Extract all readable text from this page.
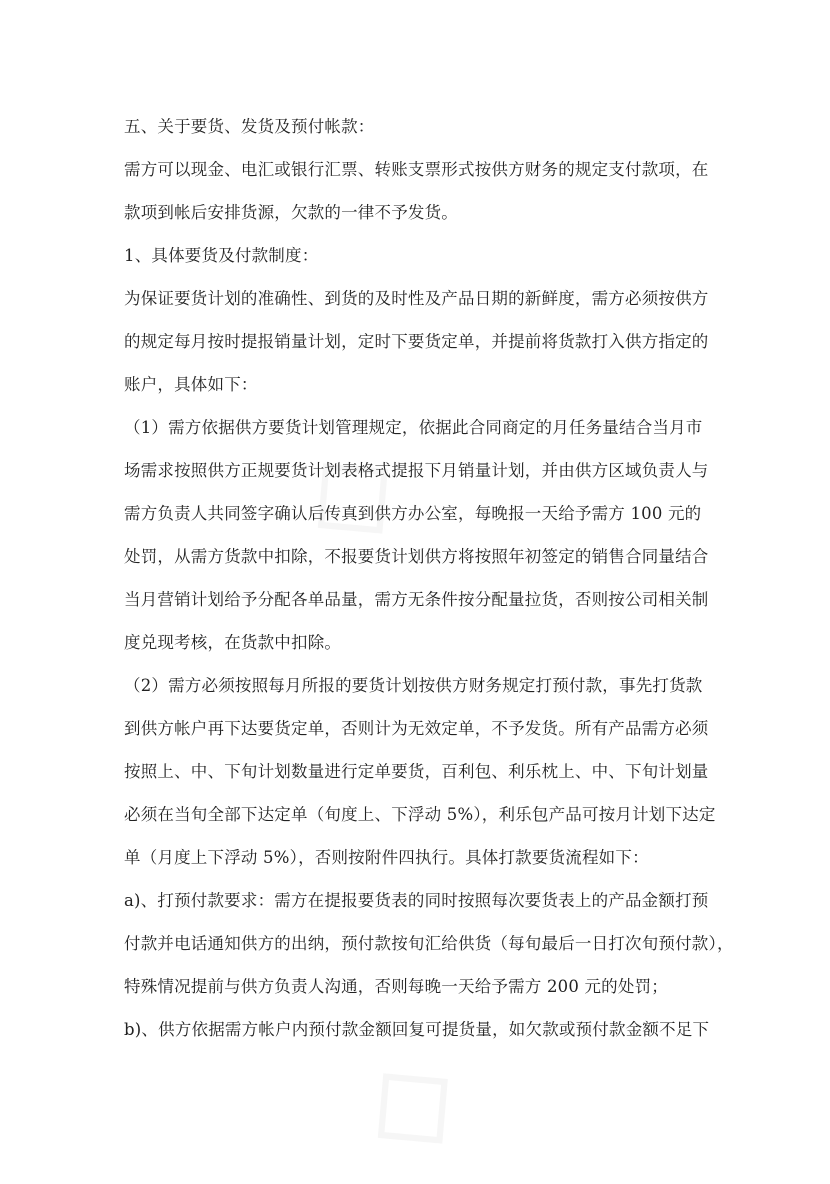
五、关于要货、发货及预付帐款：
需方可以现金、电汇或银行汇票、转账支票形式按供方财务的规定支付款项，在
款项到帐后安排货源，欠款的一律不予发货。
1、具体要货及付款制度：
为保证要货计划的准确性、到货的及时性及产品日期的新鲜度，需方必须按供方
的规定每月按时提报销量计划，定时下要货定单，并提前将货款打入供方指定的
账户，具体如下：
（1）需方依据供方要货计划管理规定，依据此合同商定的月任务量结合当月市
场需求按照供方正规要货计划表格式提报下月销量计划，并由供方区域负责人与
需方负责人共同签字确认后传真到供方办公室，每晚报一天给予需方 100 元的
处罚，从需方货款中扣除，不报要货计划供方将按照年初签定的销售合同量结合
当月营销计划给予分配各单品量，需方无条件按分配量拉货，否则按公司相关制
度兑现考核，在货款中扣除。
（2）需方必须按照每月所报的要货计划按供方财务规定打预付款，事先打货款
到供方帐户再下达要货定单，否则计为无效定单，不予发货。所有产品需方必须
按照上、中、下旬计划数量进行定单要货，百利包、利乐枕上、中、下旬计划量
必须在当旬全部下达定单（旬度上、下浮动 5%），利乐包产品可按月计划下达定
单（月度上下浮动 5%），否则按附件四执行。具体打款要货流程如下：
a)、打预付款要求：需方在提报要货表的同时按照每次要货表上的产品金额打预
付款并电话通知供方的出纳，预付款按旬汇给供货（每旬最后一日打次旬预付款），
特殊情况提前与供方负责人沟通，否则每晚一天给予需方 200 元的处罚；
b)、供方依据需方帐户内预付款金额回复可提货量，如欠款或预付款金额不足下
